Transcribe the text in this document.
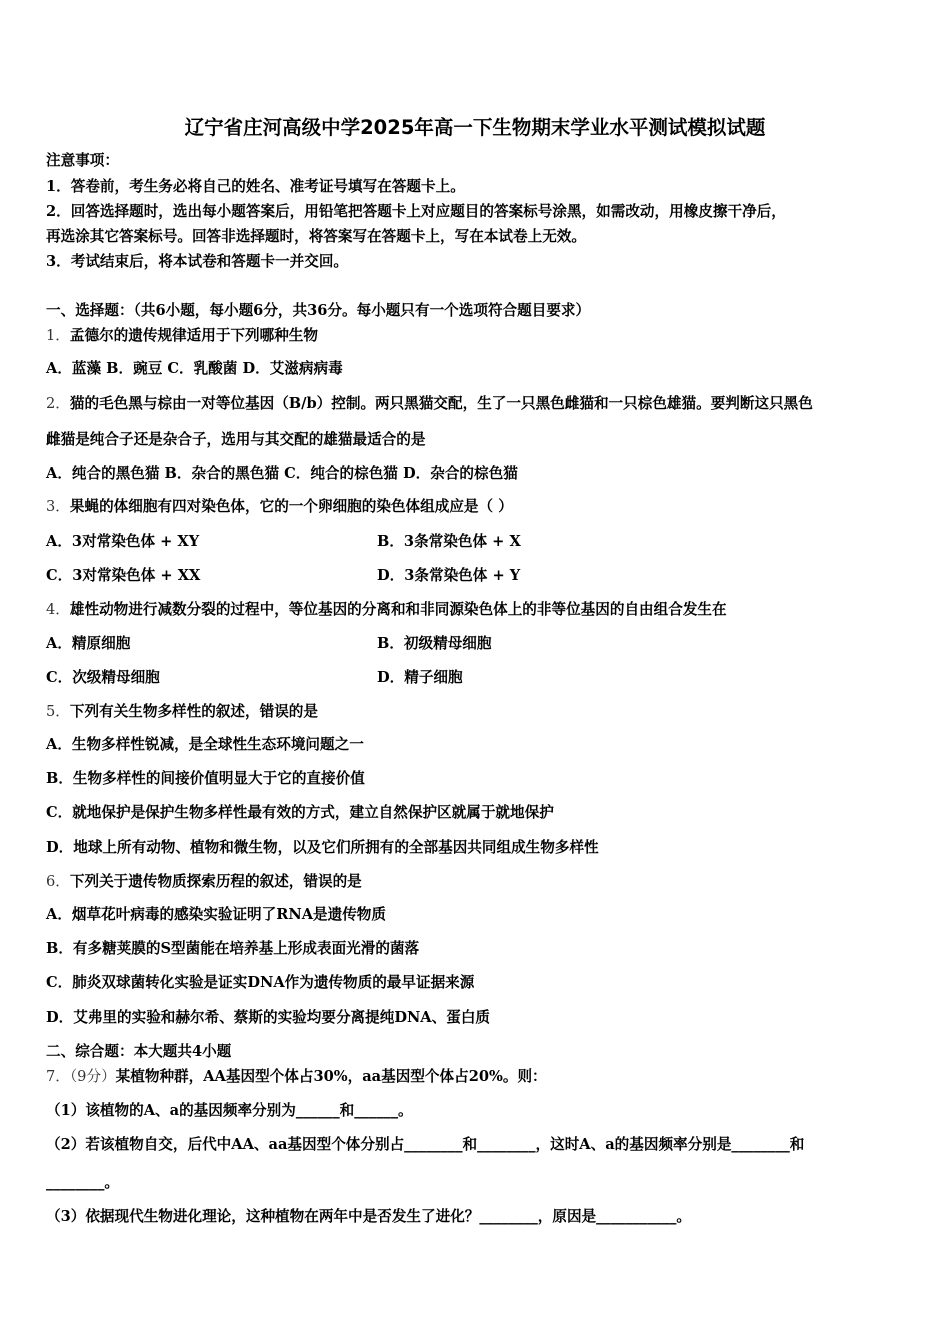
辽宁省庄河高级中学2025年高一下生物期末学业水平测试模拟试题
注意事项：
1．答卷前，考生务必将自己的姓名、准考证号填写在答题卡上。
2．回答选择题时，选出每小题答案后，用铅笔把答题卡上对应题目的答案标号涂黑，如需改动，用橡皮擦干净后，
再选涂其它答案标号。回答非选择题时，将答案写在答题卡上，写在本试卷上无效。
3．考试结束后，将本试卷和答题卡一并交回。
一、选择题：（共6小题，每小题6分，共36分。每小题只有一个选项符合题目要求）
1．孟德尔的遗传规律适用于下列哪种生物
A．蓝藻 B．豌豆 C．乳酸菌 D．艾滋病病毒
2．猫的毛色黑与棕由一对等位基因（B/b）控制。两只黑猫交配，生了一只黑色雌猫和一只棕色雄猫。要判断这只黑色
雌猫是纯合子还是杂合子，选用与其交配的雄猫最适合的是
A．纯合的黑色猫 B．杂合的黑色猫 C．纯合的棕色猫 D．杂合的棕色猫
3．果蝇的体细胞有四对染色体，它的一个卵细胞的染色体组成应是（ ）
A．3对常染色体 + XY	B．3条常染色体 + X
C．3对常染色体 + XX	D．3条常染色体 + Y
4．雄性动物进行减数分裂的过程中，等位基因的分离和和非同源染色体上的非等位基因的自由组合发生在
A．精原细胞	B．初级精母细胞
C．次级精母细胞	D．精子细胞
5．下列有关生物多样性的叙述，错误的是
A．生物多样性锐减，是全球性生态环境问题之一
B．生物多样性的间接价值明显大于它的直接价值
C．就地保护是保护生物多样性最有效的方式，建立自然保护区就属于就地保护
D．地球上所有动物、植物和微生物，以及它们所拥有的全部基因共同组成生物多样性
6．下列关于遗传物质探索历程的叙述，错误的是
A．烟草花叶病毒的感染实验证明了RNA是遗传物质
B．有多糖荚膜的S型菌能在培养基上形成表面光滑的菌落
C．肺炎双球菌转化实验是证实DNA作为遗传物质的最早证据来源
D．艾弗里的实验和赫尔希、蔡斯的实验均要分离提纯DNA、蛋白质
二、综合题：本大题共4小题
7．（9分）某植物种群，AA基因型个体占30%，aa基因型个体占20%。则：
（1）该植物的A、a的基因频率分别为______和______。
（2）若该植物自交，后代中AA、aa基因型个体分别占________和________，这时A、a的基因频率分别是________和
________。
（3）依据现代生物进化理论，这种植物在两年中是否发生了进化？________，原因是___________。
